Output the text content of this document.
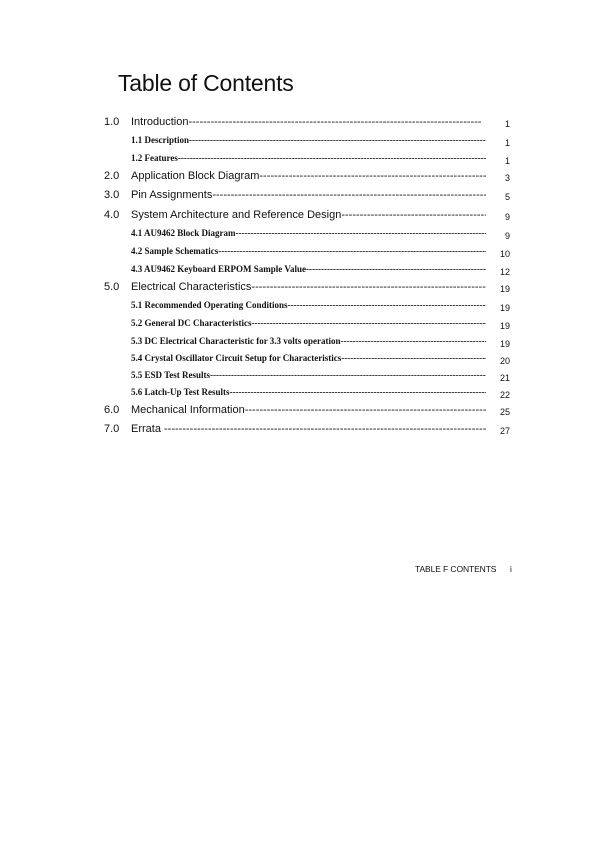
Table of Contents
1.0 Introduction -----	1
1.1 Description -----	1
1.2 Features -----	1
2.0 Application Block Diagram -----	3
3.0 Pin Assignments -----	5
4.0 System Architecture and Reference Design -----	9
4.1 AU9462 Block Diagram -----	9
4.2 Sample Schematics -----	10
4.3 AU9462 Keyboard ERPOM Sample Value -----	12
5.0 Electrical Characteristics -----	19
5.1 Recommended Operating Conditions -----	19
5.2 General DC Characteristics -----	19
5.3 DC Electrical Characteristic for 3.3 volts operation -----	19
5.4 Crystal Oscillator Circuit Setup for Characteristics -----	20
5.5 ESD Test Results -----	21
5.6 Latch-Up Test Results -----	22
6.0 Mechanical Information -----	25
7.0 Errata -----	27
TABLE F CONTENTS i
